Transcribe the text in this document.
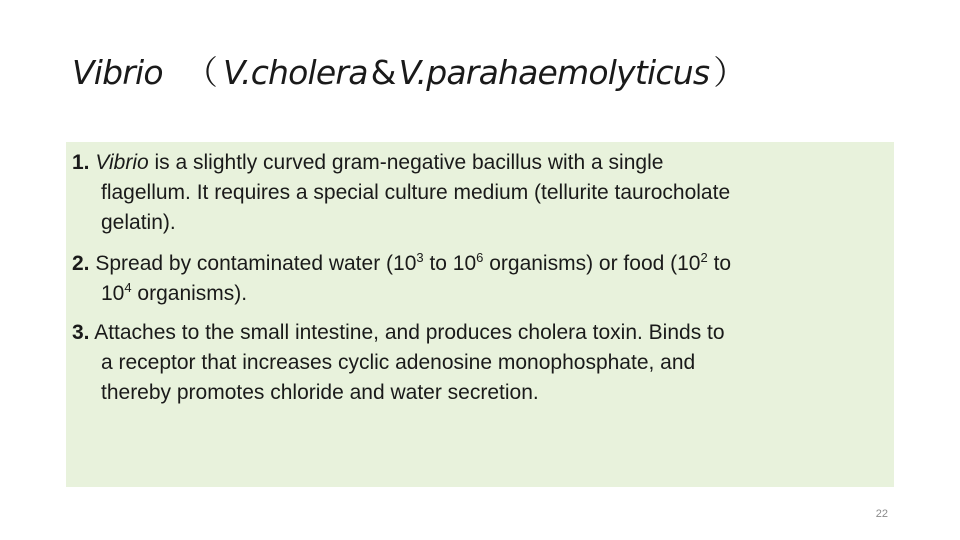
Vibrio （ V.cholera&V.parahaemolyticus ）
1. Vibrio is a slightly curved gram-negative bacillus with a single
flagellum. It requires a special culture medium (tellurite taurocholate
gelatin).
2. Spread by contaminated water ($10^3$ to $10^6$ organisms) or food ($10^2$ to
$10^4$ organisms).
3. Attaches to the small intestine, and produces cholera toxin. Binds to
a receptor that increases cyclic adenosine monophosphate, and
thereby promotes chloride and water secretion.
22
